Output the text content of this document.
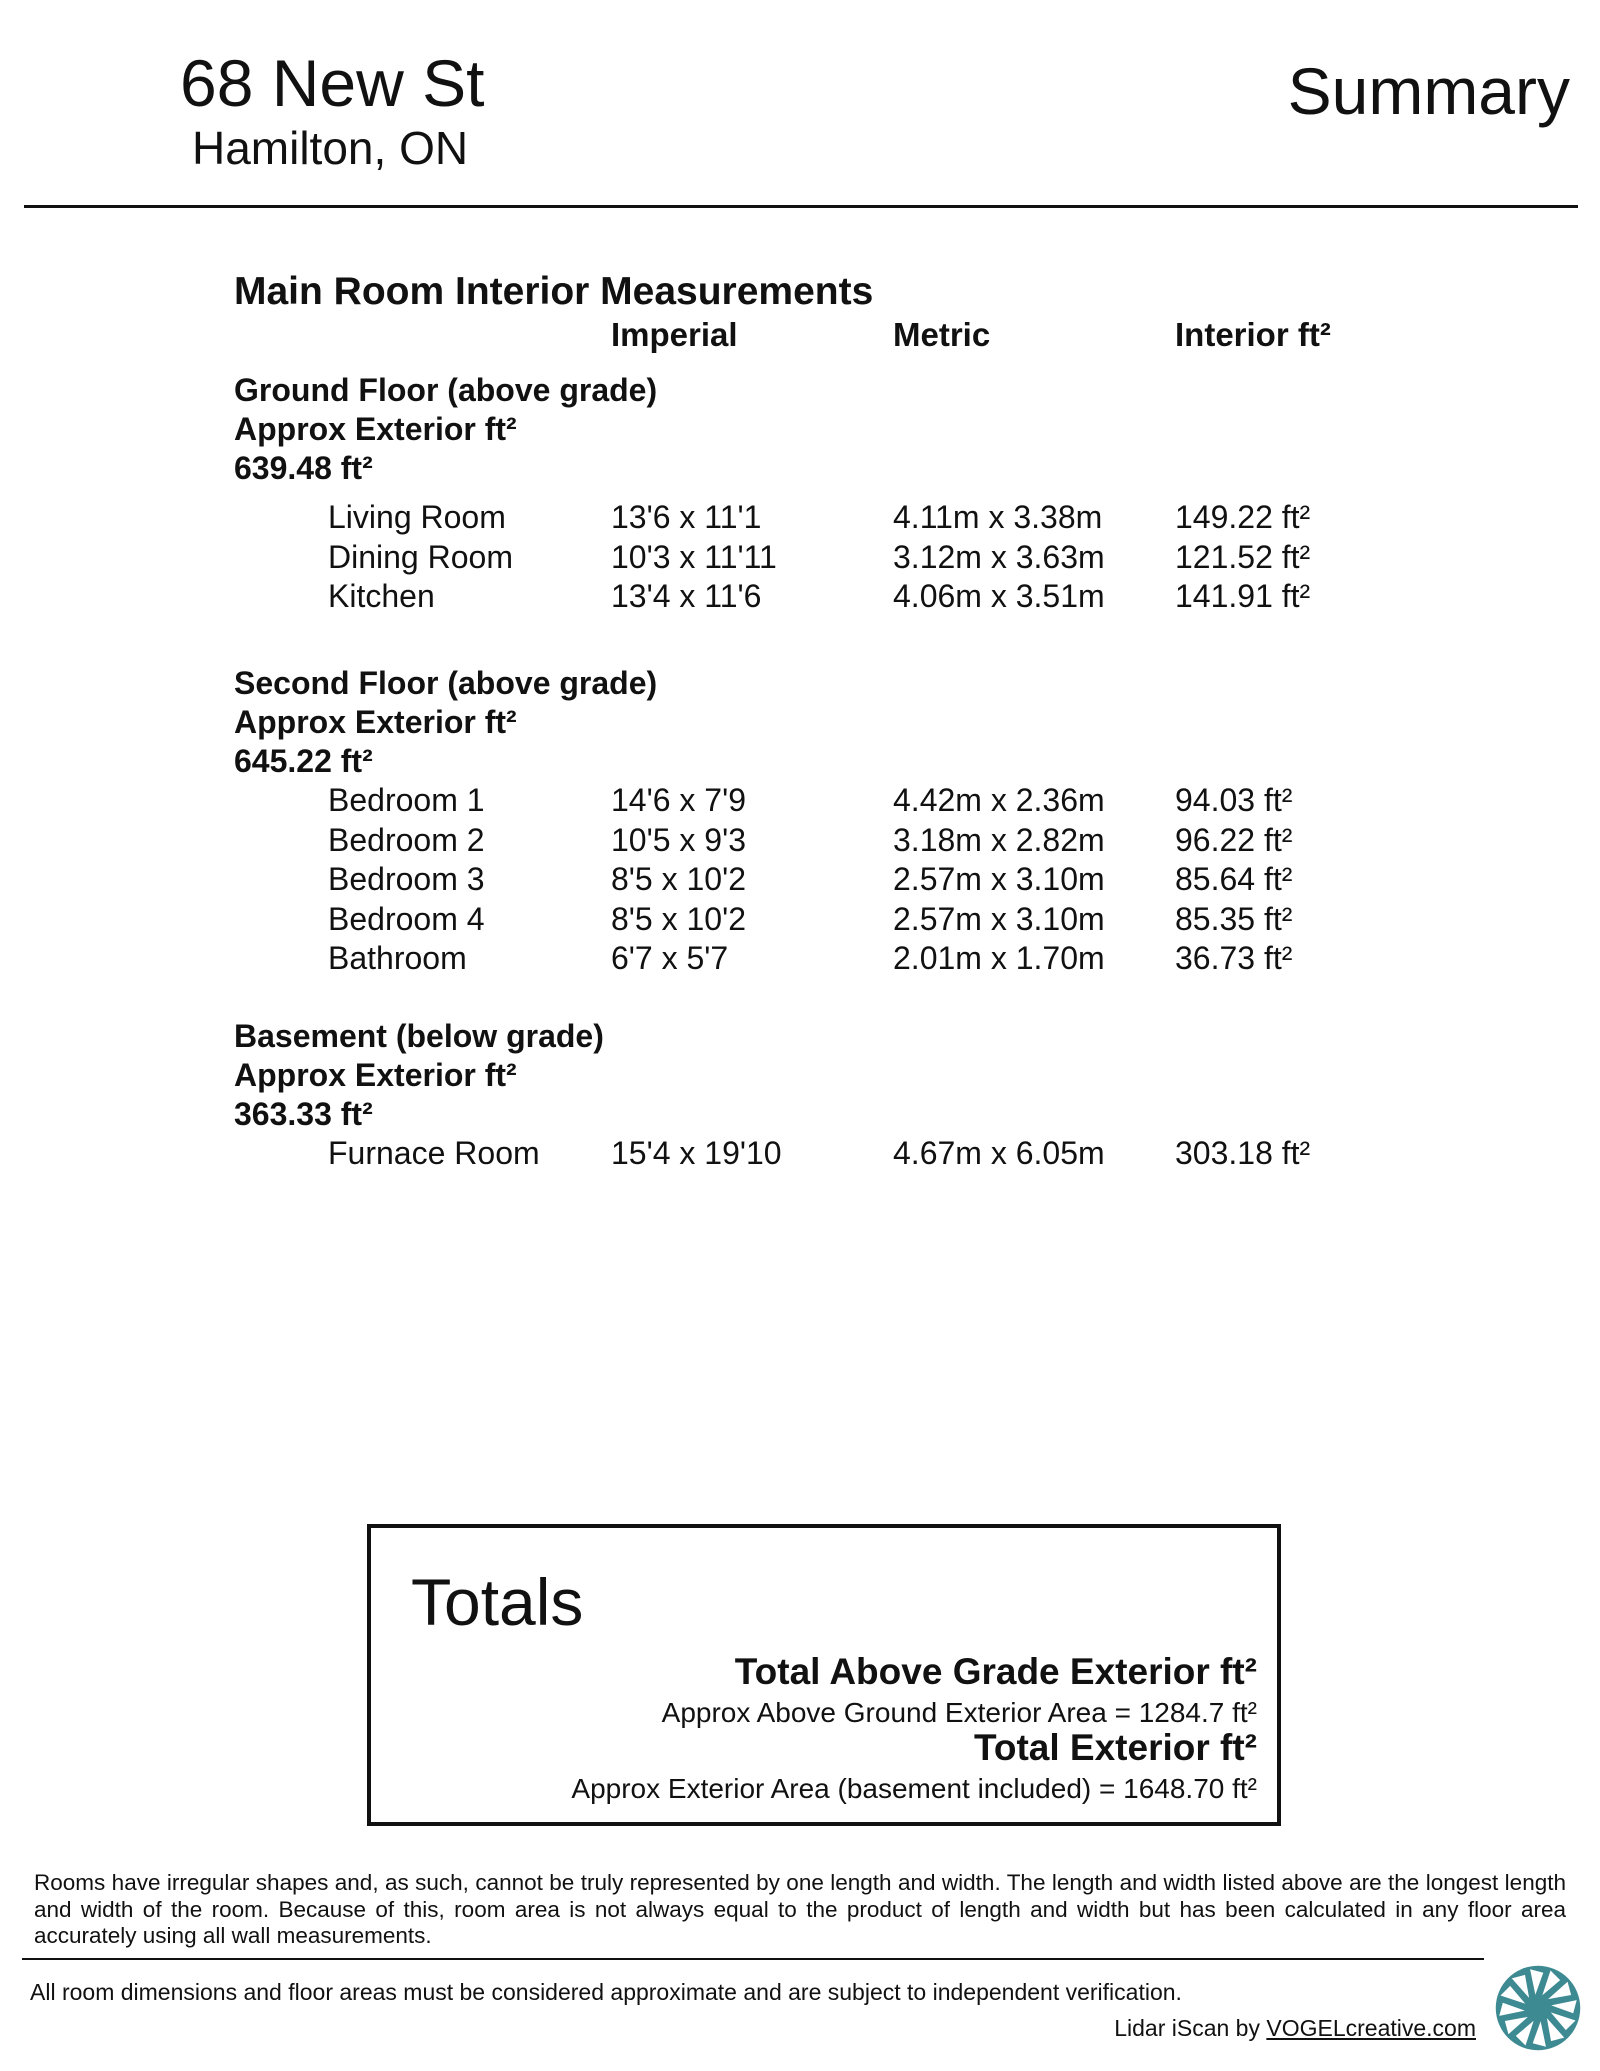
68 New St
Hamilton, ON
Summary
Main Room Interior Measurements
Imperial	Metric	Interior ft²
Ground Floor (above grade)
Approx Exterior ft²
639.48 ft²
Living Room	13'6 x 11'1	4.11m x 3.38m 149.22 ft²
Dining Room	10'3 x 11'11	3.12m x 3.63m 121.52 ft²
Kitchen	13'4 x 11'6	4.06m x 3.51m 141.91 ft²
Second Floor (above grade)
Approx Exterior ft²
645.22 ft²
Bedroom 1	14'6 x 7'9	4.42m x 2.36m 94.03 ft²
Bedroom 2	10'5 x 9'3	3.18m x 2.82m 96.22 ft²
Bedroom 3	8'5 x 10'2	2.57m x 3.10m 85.64 ft²
Bedroom 4	8'5 x 10'2	2.57m x 3.10m 85.35 ft²
Bathroom	6'7 x 5'7	2.01m x 1.70m 36.73 ft²
Basement (below grade)
Approx Exterior ft²
363.33 ft²
Furnace Room 15'4 x 19'10	4.67m x 6.05m 303.18 ft²
Totals
Total Above Grade Exterior ft²
Approx Above Ground Exterior Area = 1284.7 ft²
Total Exterior ft²
Approx Exterior Area (basement included) = 1648.70 ft²
Rooms have irregular shapes and, as such, cannot be truly represented by one length and width. The length and width listed above are the longest length and width of the room. Because of this, room area is not always equal to the product of length and width but has been calculated in any floor area accurately using all wall measurements.
All room dimensions and floor areas must be considered approximate and are subject to independent verification.
Lidar iScan by VOGELcreative.com
